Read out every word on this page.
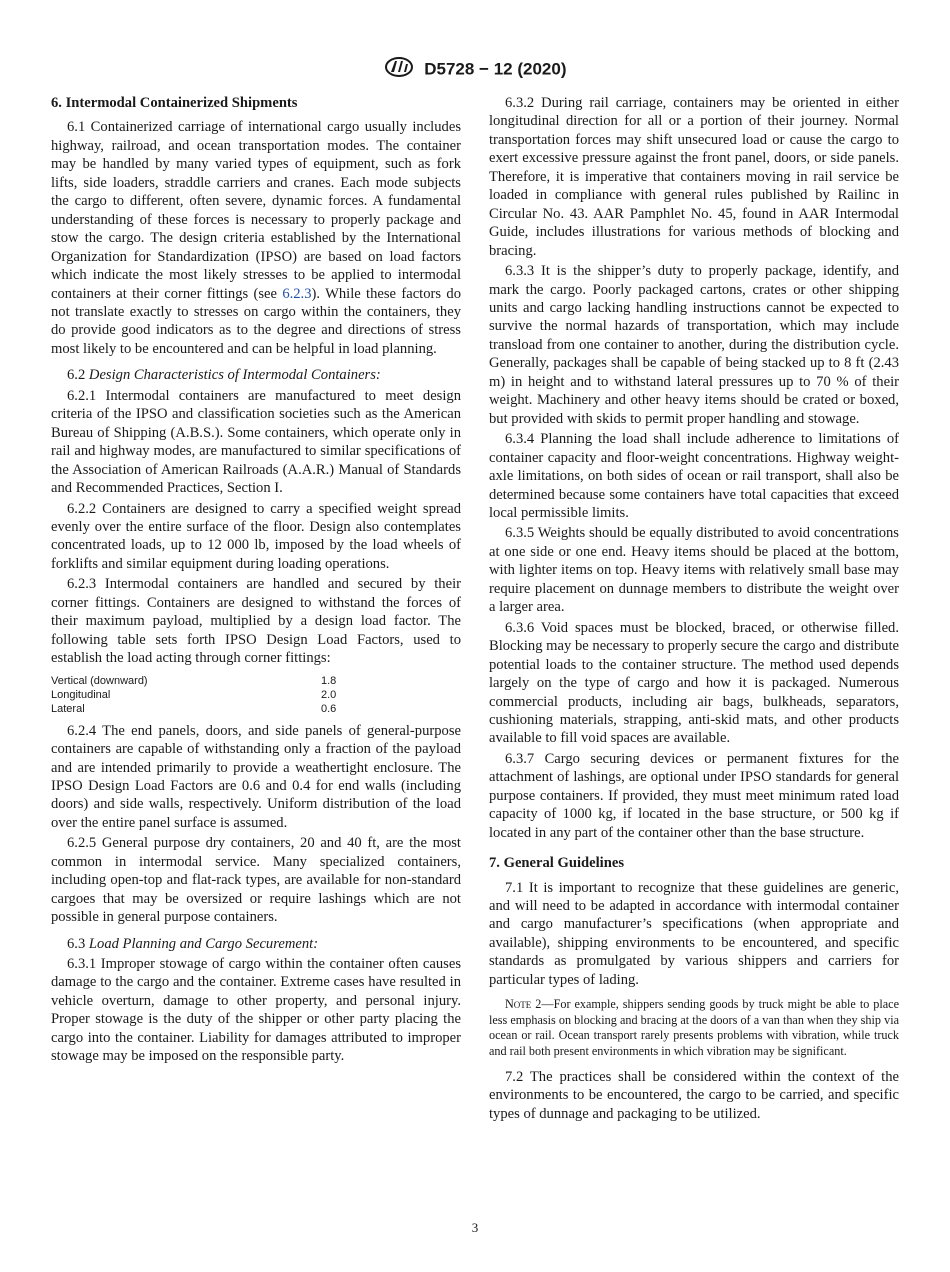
D5728 − 12 (2020)
6. Intermodal Containerized Shipments

6.1 Containerized carriage of international cargo usually includes highway, railroad, and ocean transportation modes. The container may be handled by many varied types of equipment, such as fork lifts, side loaders, straddle carriers and cranes. Each mode subjects the cargo to different, often severe, dynamic forces. A fundamental understanding of these forces is necessary to properly package and stow the cargo. The design criteria established by the International Organization for Standardization (IPSO) are based on load factors which indicate the most likely stresses to be applied to intermodal containers at their corner fittings (see 6.2.3). While these factors do not translate exactly to stresses on cargo within the containers, they do provide good indicators as to the degree and directions of stress most likely to be encountered and can be helpful in load planning.

6.2 Design Characteristics of Intermodal Containers:

6.2.1 Intermodal containers are manufactured to meet design criteria of the IPSO and classification societies such as the American Bureau of Shipping (A.B.S.). Some containers, which operate only in rail and highway modes, are manufactured to similar specifications of the Association of American Railroads (A.A.R.) Manual of Standards and Recommended Practices, Section I.

6.2.2 Containers are designed to carry a specified weight spread evenly over the entire surface of the floor. Design also contemplates concentrated loads, up to 12 000 lb, imposed by the load wheels of forklifts and similar equipment during loading operations.

6.2.3 Intermodal containers are handled and secured by their corner fittings. Containers are designed to withstand the forces of their maximum payload, multiplied by a design load factor. The following table sets forth IPSO Design Load Factors, used to establish the load acting through corner fittings:

Vertical (downward)	1.8
Longitudinal	2.0
Lateral	0.6

6.2.4 The end panels, doors, and side panels of general-purpose containers are capable of withstanding only a fraction of the payload and are intended primarily to provide a weathertight enclosure. The IPSO Design Load Factors are 0.6 and 0.4 for end walls (including doors) and side walls, respectively. Uniform distribution of the load over the entire panel surface is assumed.

6.2.5 General purpose dry containers, 20 and 40 ft, are the most common in intermodal service. Many specialized containers, including open-top and flat-rack types, are available for non-standard cargoes that may be oversized or require lashings which are not possible in general purpose containers.

6.3 Load Planning and Cargo Securement:

6.3.1 Improper stowage of cargo within the container often causes damage to the cargo and the container. Extreme cases have resulted in vehicle overturn, damage to other property, and personal injury. Proper stowage is the duty of the shipper or other party placing the cargo into the container. Liability for damages attributed to improper stowage may be imposed on the responsible party.

6.3.2 During rail carriage, containers may be oriented in either longitudinal direction for all or a portion of their journey. Normal transportation forces may shift unsecured load or cause the cargo to exert excessive pressure against the front panel, doors, or side panels. Therefore, it is imperative that containers moving in rail service be loaded in compliance with general rules published by Railinc in Circular No. 43. AAR Pamphlet No. 45, found in AAR Intermodal Guide, includes illustrations for various methods of blocking and bracing.

6.3.3 It is the shipper’s duty to properly package, identify, and mark the cargo. Poorly packaged cartons, crates or other shipping units and cargo lacking handling instructions cannot be expected to survive the normal hazards of transportation, which may include transload from one container to another, during the distribution cycle. Generally, packages shall be capable of being stacked up to 8 ft (2.43 m) in height and to withstand lateral pressures up to 70 % of their weight. Machinery and other heavy items should be crated or boxed, but provided with skids to permit proper handling and stowage.

6.3.4 Planning the load shall include adherence to limitations of container capacity and floor-weight concentrations. Highway weight-axle limitations, on both sides of ocean or rail transport, shall also be determined because some containers have total capacities that exceed local permissible limits.

6.3.5 Weights should be equally distributed to avoid concentrations at one side or one end. Heavy items should be placed at the bottom, with lighter items on top. Heavy items with relatively small base may require placement on dunnage members to distribute the weight over a larger area.

6.3.6 Void spaces must be blocked, braced, or otherwise filled. Blocking may be necessary to properly secure the cargo and distribute potential loads to the container structure. The method used depends largely on the type of cargo and how it is packaged. Numerous commercial products, including air bags, bulkheads, separators, cushioning materials, strapping, anti-skid mats, and other products available to fill void spaces are available.

6.3.7 Cargo securing devices or permanent fixtures for the attachment of lashings, are optional under IPSO standards for general purpose containers. If provided, they must meet minimum rated load capacity of 1000 kg, if located in the base structure, or 500 kg if located in any part of the container other than the base structure.

7. General Guidelines

7.1 It is important to recognize that these guidelines are generic, and will need to be adapted in accordance with intermodal container and cargo manufacturer’s specifications (when appropriate and available), shipping environments to be encountered, and specific standards as promulgated by various shippers and carriers for particular types of lading.

Note 2—For example, shippers sending goods by truck might be able to place less emphasis on blocking and bracing at the doors of a van than when they ship via ocean or rail. Ocean transport rarely presents problems with vibration, while truck and rail both present environments in which vibration may be significant.

7.2 The practices shall be considered within the context of the environments to be encountered, the cargo to be carried, and specific types of dunnage and packaging to be utilized.

3
